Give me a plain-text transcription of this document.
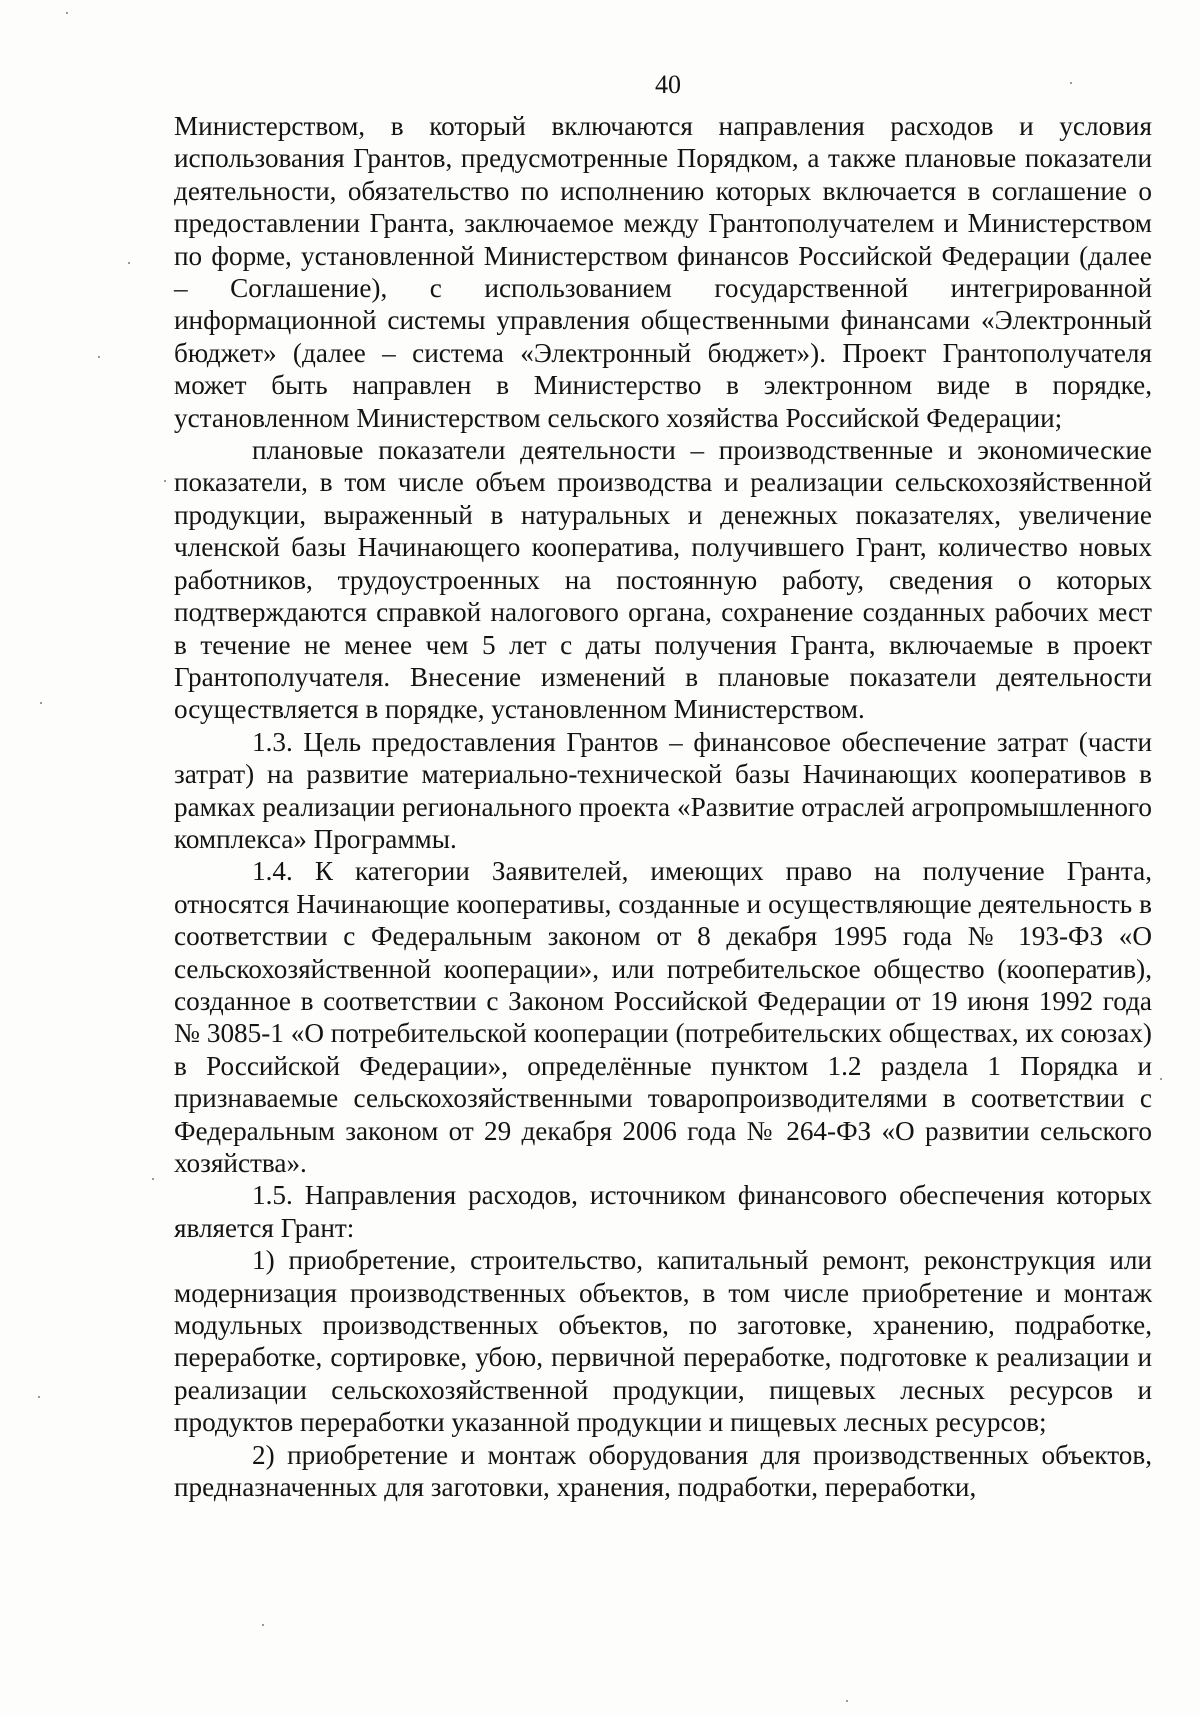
40

Министерством, в который включаются направления расходов и условия использования Грантов, предусмотренные Порядком, а также плановые показатели деятельности, обязательство по исполнению которых включается в соглашение о предоставлении Гранта, заключаемое между Грантополучателем и Министерством по форме, установленной Министерством финансов Российской Федерации (далее – Соглашение), с использованием государственной интегрированной информационной системы управления общественными финансами «Электронный бюджет» (далее – система «Электронный бюджет»). Проект Грантополучателя может быть направлен в Министерство в электронном виде в порядке, установленном Министерством сельского хозяйства Российской Федерации;

плановые показатели деятельности – производственные и экономические показатели, в том числе объем производства и реализации сельскохозяйственной продукции, выраженный в натуральных и денежных показателях, увеличение членской базы Начинающего кооператива, получившего Грант, количество новых работников, трудоустроенных на постоянную работу, сведения о которых подтверждаются справкой налогового органа, сохранение созданных рабочих мест в течение не менее чем 5 лет с даты получения Гранта, включаемые в проект Грантополучателя. Внесение изменений в плановые показатели деятельности осуществляется в порядке, установленном Министерством.

1.3. Цель предоставления Грантов – финансовое обеспечение затрат (части затрат) на развитие материально-технической базы Начинающих кооперативов в рамках реализации регионального проекта «Развитие отраслей агропромышленного комплекса» Программы.

1.4. К категории Заявителей, имеющих право на получение Гранта, относятся Начинающие кооперативы, созданные и осуществляющие деятельность в соответствии с Федеральным законом от 8 декабря 1995 года № 193-ФЗ «О сельскохозяйственной кооперации», или потребительское общество (кооператив), созданное в соответствии с Законом Российской Федерации от 19 июня 1992 года № 3085-1 «О потребительской кооперации (потребительских обществах, их союзах) в Российской Федерации», определённые пунктом 1.2 раздела 1 Порядка и признаваемые сельскохозяйственными товаропроизводителями в соответствии с Федеральным законом от 29 декабря 2006 года № 264-ФЗ «О развитии сельского хозяйства».

1.5. Направления расходов, источником финансового обеспечения которых является Грант:

1) приобретение, строительство, капитальный ремонт, реконструкция или модернизация производственных объектов, в том числе приобретение и монтаж модульных производственных объектов, по заготовке, хранению, подработке, переработке, сортировке, убою, первичной переработке, подготовке к реализации и реализации сельскохозяйственной продукции, пищевых лесных ресурсов и продуктов переработки указанной продукции и пищевых лесных ресурсов;

2) приобретение и монтаж оборудования для производственных объектов, предназначенных для заготовки, хранения, подработки, переработки,
